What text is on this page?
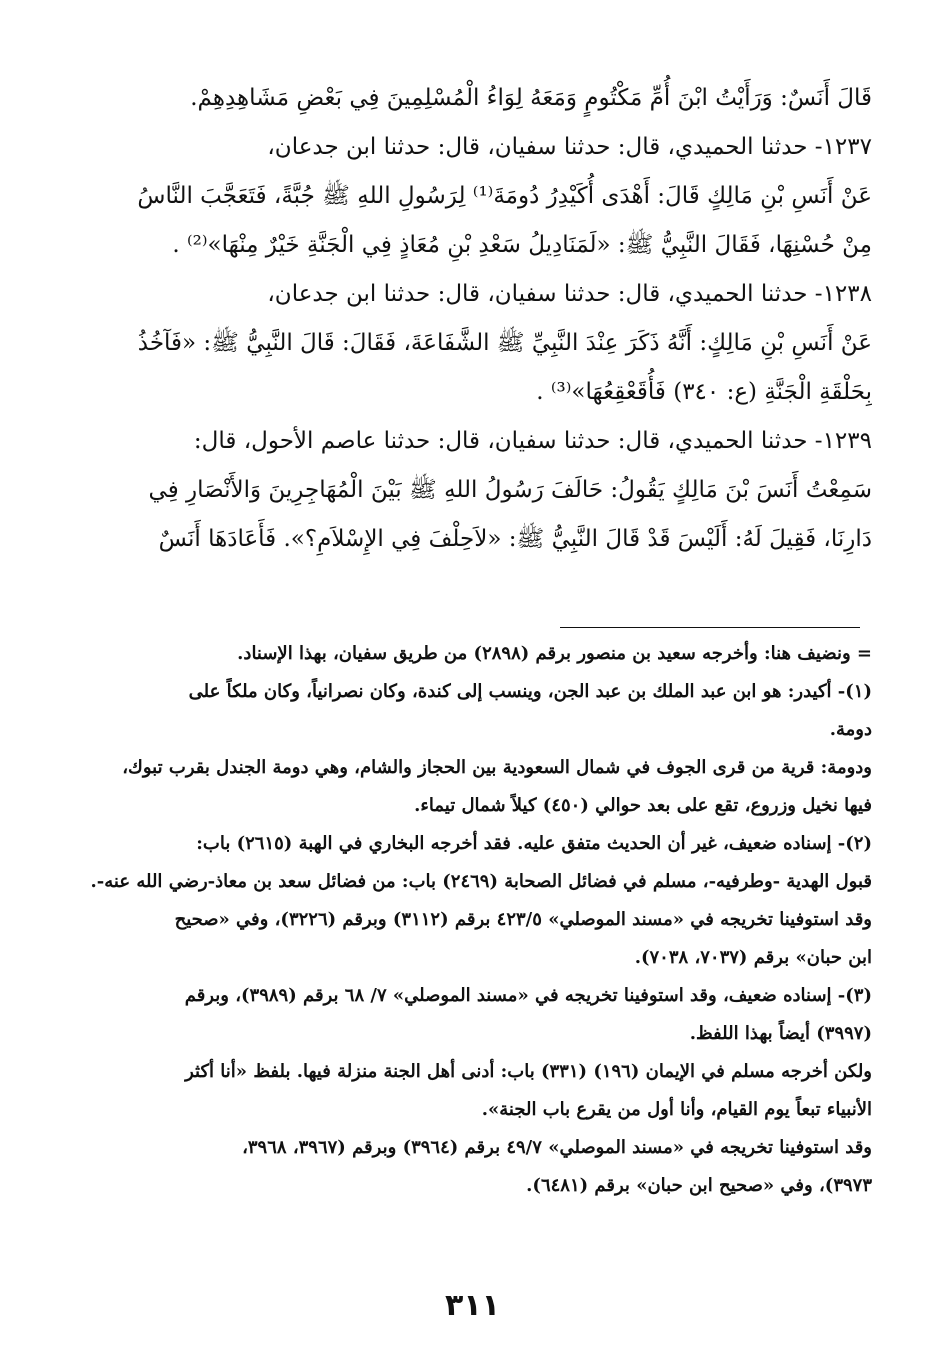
قَالَ أَنَسٌ: وَرَأَيْتُ ابْنَ أُمِّ مَكْتُومٍ وَمَعَهُ لِوَاءُ الْمُسْلِمِينَ فِي بَعْضِ مَشَاهِدِهِمْ.

١٢٣٧- حدثنا الحميدي، قال: حدثنا سفيان، قال: حدثنا ابن جدعان،

عَنْ أَنَسِ بْنِ مَالِكٍ قَالَ: أَهْدَى أُكَيْدِرُ دُومَةَ⁽¹⁾ لِرَسُولِ اللهِ ﷺ جُبَّةً، فَتَعَجَّبَ النَّاسُ

مِنْ حُسْنِهَا، فَقَالَ النَّبِيُّ ﷺ: «لَمَنَادِيلُ سَعْدِ بْنِ مُعَاذٍ فِي الْجَنَّةِ خَيْرٌ مِنْهَا»⁽²⁾ .

١٢٣٨- حدثنا الحميدي، قال: حدثنا سفيان، قال: حدثنا ابن جدعان،

عَنْ أَنَسِ بْنِ مَالِكٍ: أَنَّهُ ذَكَرَ عِنْدَ النَّبِيِّ ﷺ الشَّفَاعَةَ، فَقَالَ: قَالَ النَّبِيُّ ﷺ: «فَآخُذُ

بِحَلْقَةِ الْجَنَّةِ (ع: ٣٤٠) فَأُقَعْقِعُهَا»⁽³⁾ .

١٢٣٩- حدثنا الحميدي، قال: حدثنا سفيان، قال: حدثنا عاصم الأحول، قال:

سَمِعْتُ أَنَسَ بْنَ مَالِكٍ يَقُولُ: حَالَفَ رَسُولُ اللهِ ﷺ بَيْنَ الْمُهَاجِرِينَ وَالأَنْصَارِ فِي

دَارِنَا، فَقِيلَ لَهُ: أَلَيْسَ قَدْ قَالَ النَّبِيُّ ﷺ: «لاَحِلْفَ فِي الإِسْلاَمِ؟». فَأَعَادَهَا أَنَسٌ

= ونضيف هنا: وأخرجه سعيد بن منصور برقم (٢٨٩٨) من طريق سفيان، بهذا الإسناد.

(١)- أكيدر: هو ابن عبد الملك بن عبد الجن، وينسب إلى كندة، وكان نصرانياً، وكان ملكاً على

دومة.

ودومة: قرية من قرى الجوف في شمال السعودية بين الحجاز والشام، وهي دومة الجندل بقرب تبوك،

فيها نخيل وزروع، تقع على بعد حوالي (٤٥٠) كيلاً شمال تيماء.

(٢)- إسناده ضعيف، غير أن الحديث متفق عليه. فقد أخرجه البخاري في الهبة (٢٦١٥) باب:

قبول الهدية -وطرفيه-، مسلم في فضائل الصحابة (٢٤٦٩) باب: من فضائل سعد بن معاذ-رضي الله عنه-.

وقد استوفينا تخريجه في «مسند الموصلي» ٤٢٣/٥ برقم (٣١١٢) وبرقم (٣٢٢٦)، وفي «صحيح

ابن حبان» برقم (٧٠٣٧، ٧٠٣٨).

(٣)- إسناده ضعيف، وقد استوفينا تخريجه في «مسند الموصلي» ٧/ ٦٨ برقم (٣٩٨٩)، وبرقم

(٣٩٩٧) أيضاً بهذا اللفظ.

ولكن أخرجه مسلم في الإيمان (١٩٦) (٣٣١) باب: أدنى أهل الجنة منزلة فيها. بلفظ «أنا أكثر

الأنبياء تبعاً يوم القيام، وأنا أول من يقرع باب الجنة».

وقد استوفينا تخريجه في «مسند الموصلي» ٤٩/٧ برقم (٣٩٦٤) وبرقم (٣٩٦٧، ٣٩٦٨،

٣٩٧٣)، وفي «صحيح ابن حبان» برقم (٦٤٨١).

٣١١
